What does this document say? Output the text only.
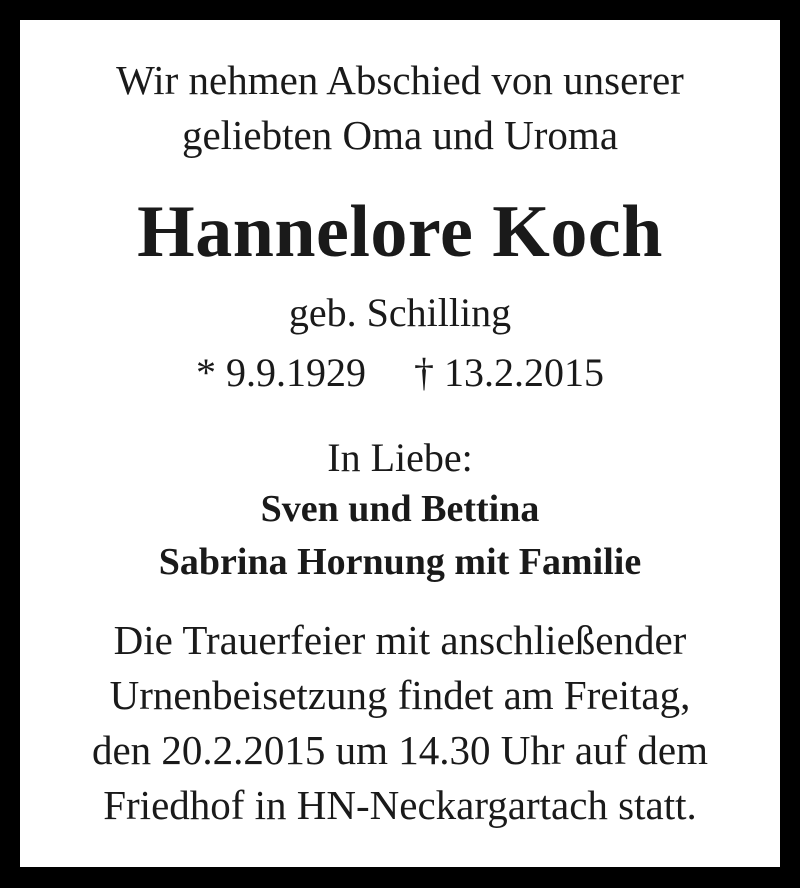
Wir nehmen Abschied von unserer
geliebten Oma und Uroma
Hannelore Koch
geb. Schilling
* 9.9.1929 † 13.2.2015
In Liebe:
Sven und Bettina
Sabrina Hornung mit Familie
Die Trauerfeier mit anschließender
Urnenbeisetzung findet am Freitag,
den 20.2.2015 um 14.30 Uhr auf dem
Friedhof in HN-Neckargartach statt.
